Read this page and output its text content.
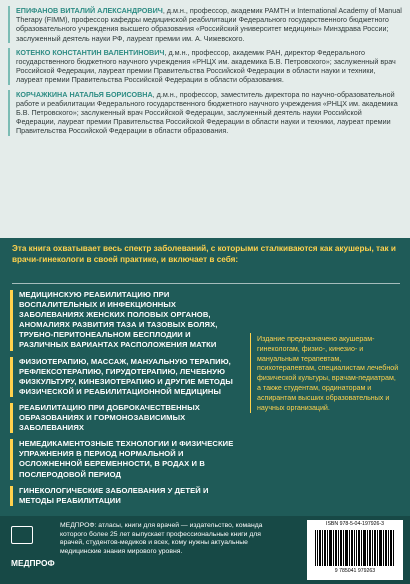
ЕПИФАНОВ ВИТАЛИЙ АЛЕКСАНДРОВИЧ, д.м.н., профессор, академик РАМТН и International Academy of Manual Therapy (FIMM), профессор кафедры медицинской реабилитации Федерального государственного бюджетного образовательного учреждения высшего образования «Российский университет медицины» Минздрава России; заслуженный деятель науки РФ, лауреат премии им. А. Чижевского.
КОТЕНКО КОНСТАНТИН ВАЛЕНТИНОВИЧ, д.м.н., профессор, академик РАН, директор Федерального государственного бюджетного научного учреждения «РНЦХ им. академика Б.В. Петровского»; заслуженный врач Российской Федерации, лауреат премии Правительства Российской Федерации в области науки и техники, лауреат премии Правительства Российской Федерации в области образования.
КОРЧАЖКИНА НАТАЛЬЯ БОРИСОВНА, д.м.н., профессор, заместитель директора по научно-образовательной работе и реабилитации Федерального государственного бюджетного научного учреждения «РНЦХ им. академика Б.В. Петровского»; заслуженный врач Российской Федерации, заслуженный деятель науки Российской Федерации, лауреат премии Правительства Российской Федерации в области науки и техники, лауреат премии Правительства Российской Федерации в области образования.

Эта книга охватывает весь спектр заболеваний, с которыми сталкиваются как акушеры, так и врачи-гинекологи в своей практике, и включает в себя:

МЕДИЦИНСКУЮ РЕАБИЛИТАЦИЮ ПРИ ВОСПАЛИТЕЛЬНЫХ И ИНФЕКЦИОННЫХ ЗАБОЛЕВАНИЯХ ЖЕНСКИХ ПОЛОВЫХ ОРГАНОВ, АНОМАЛИЯХ РАЗВИТИЯ ТАЗА И ТАЗОВЫХ БОЛЯХ, ТРУБНО-ПЕРИТОНЕАЛЬНОМ БЕСПЛОДИИ И РАЗЛИЧНЫХ ВАРИАНТАХ РАСПОЛОЖЕНИЯ МАТКИ
ФИЗИОТЕРАПИЮ, МАССАЖ, МАНУАЛЬНУЮ ТЕРАПИЮ, РЕФЛЕКСОТЕРАПИЮ, ГИРУДОТЕРАПИЮ, ЛЕЧЕБНУЮ ФИЗКУЛЬТУРУ, КИНЕЗИОТЕРАПИЮ И ДРУГИЕ МЕТОДЫ ФИЗИЧЕСКОЙ И РЕАБИЛИТАЦИОННОЙ МЕДИЦИНЫ
РЕАБИЛИТАЦИЮ ПРИ ДОБРОКАЧЕСТВЕННЫХ ОБРАЗОВАНИЯХ И ГОРМОНОЗАВИСИМЫХ ЗАБОЛЕВАНИЯХ
НЕМЕДИКАМЕНТОЗНЫЕ ТЕХНОЛОГИИ И ФИЗИЧЕСКИЕ УПРАЖНЕНИЯ В ПЕРИОД НОРМАЛЬНОЙ И ОСЛОЖНЕННОЙ БЕРЕМЕННОСТИ, В РОДАХ И В ПОСЛЕРОДОВОЙ ПЕРИОД
ГИНЕКОЛОГИЧЕСКИЕ ЗАБОЛЕВАНИЯ У ДЕТЕЙ И МЕТОДЫ РЕАБИЛИТАЦИИ
Издание предназначено акушерам-гинекологам, физио-, кинезио- и мануальным терапевтам, психотерапевтам, специалистам лечебной физической культуры, врачам-педиатрам, а также студентам, ординаторам и аспирантам высших образовательных и научных организаций.
МЕДПРОФ
МЕДПРОФ: атласы, книги для врачей — издательство, команда которого более 25 лет выпускает профессиональные книги для врачей, студентов-медиков и всех, кому нужны актуальные медицинские знания мирового уровня.
ISBN 978-5-04-197926-3
9 785041 979263
